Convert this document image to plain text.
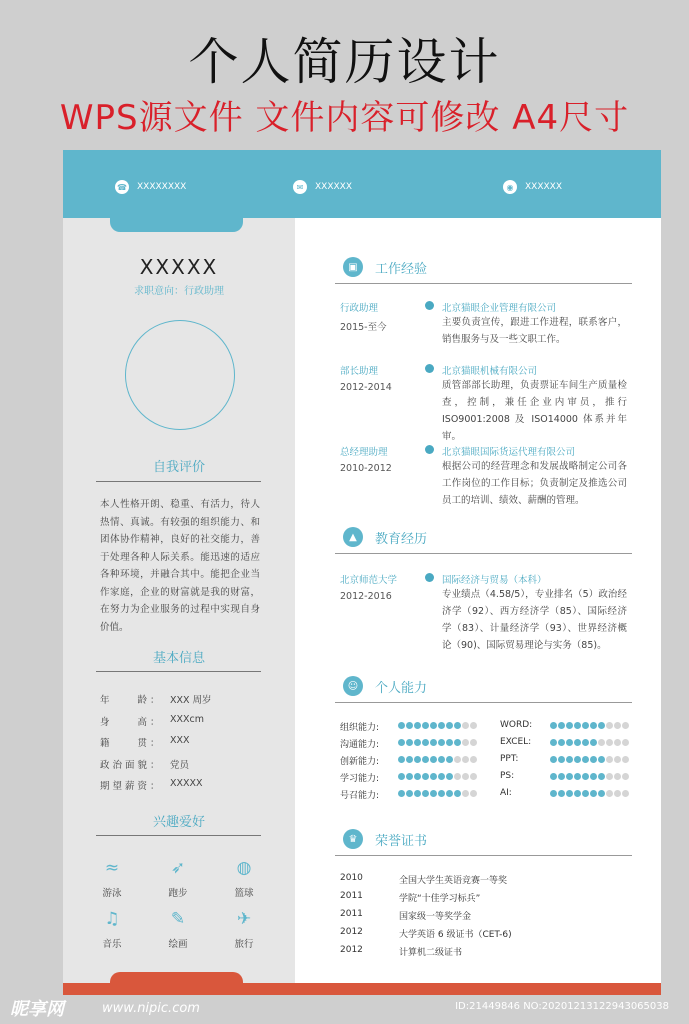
个人简历设计
WPS源文件 文件内容可修改 A4尺寸
☎ XXXXXXXX	✉	XXXXXX	◉	XXXXXX
XXXXX
求职意向：行政助理
自我评价
本人性格开朗、稳重、有活力，待人热情、真诚。有较强的组织能力、和团体协作精神，良好的社交能力，善于处理各种人际关系。能迅速的适应各种环境，并融合其中。能把企业当作家庭，企业的财富就是我的财富，在努力为企业服务的过程中实现自身价值。
基本信息
兴趣爱好
▣	工作经验
▲	教育经历
北京师范大学
2012-2016
国际经济与贸易（本科）
专业绩点（4.58/5），专业排名（5）政治经济学（92）、西方经济学（85）、国际经济学（83）、计量经济学（93）、世界经济概论（90)、国际贸易理论与实务（85)。
☺	个人能力
♛	荣誉证书
年　　龄： XXX 周岁
身　　高： XXXcm
籍　　贯： XXX
政治面貌： 党员
期望薪资： XXXXX
≈
游泳
➶
跑步
◍
篮球
♫
音乐
✎
绘画
✈
旅行
行政助理
2015-至今
北京猫眼企业管理有限公司
主要负责宣传，跟进工作进程，联系客户，销售服务与及一些文职工作。
部长助理
2012-2014
北京猫眼机械有限公司
质管部部长助理，负责票证车间生产质量检查，控制，兼任企业内审员，推行ISO9001:2008 及 ISO14000 体系并年审。
总经理助理
2010-2012
北京猫眼国际货运代理有限公司
根据公司的经营理念和发展战略制定公司各工作岗位的工作目标；负责制定及推选公司员工的培训、绩效、薪酬的管理。
组织能力:
沟通能力:
创新能力:
学习能力:
号召能力:
WORD:
EXCEL:
PPT:
PS:
AI:
2010	全国大学生英语竞赛一等奖
2011	学院“十佳学习标兵”
2011	国家级一等奖学金
2012	大学英语 6 级证书（CET-6)
2012	计算机二级证书
昵享网	www.nipic.com	ID:21449846 NO:20201213122943065038
